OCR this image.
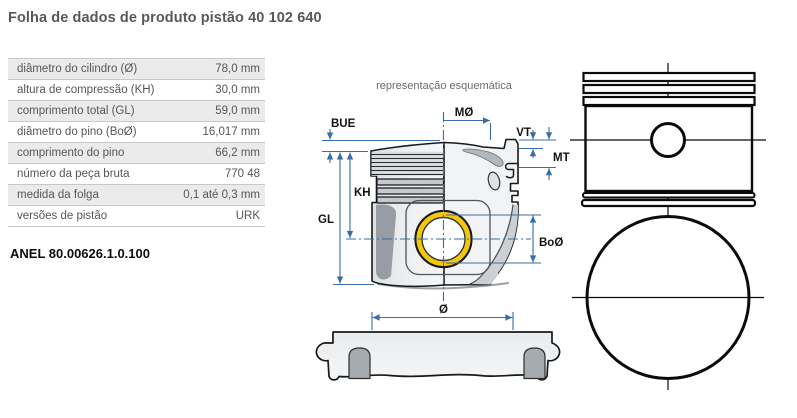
Folha de dados de produto pistão 40 102 640
diâmetro do cilindro (Ø)	78,0 mm
altura de compressão (KH)	30,0 mm
comprimento total (GL)	59,0 mm
diâmetro do pino (BoØ)	16,017 mm
comprimento do pino	66,2 mm
número da peça bruta	770 48
medida da folga	0,1 até 0,3 mm
versões de pistão	URK
ANEL 80.00626.1.0.100
representação esquemática
BUE
MØ
VT
MT
KH
GL
BoØ
Ø
